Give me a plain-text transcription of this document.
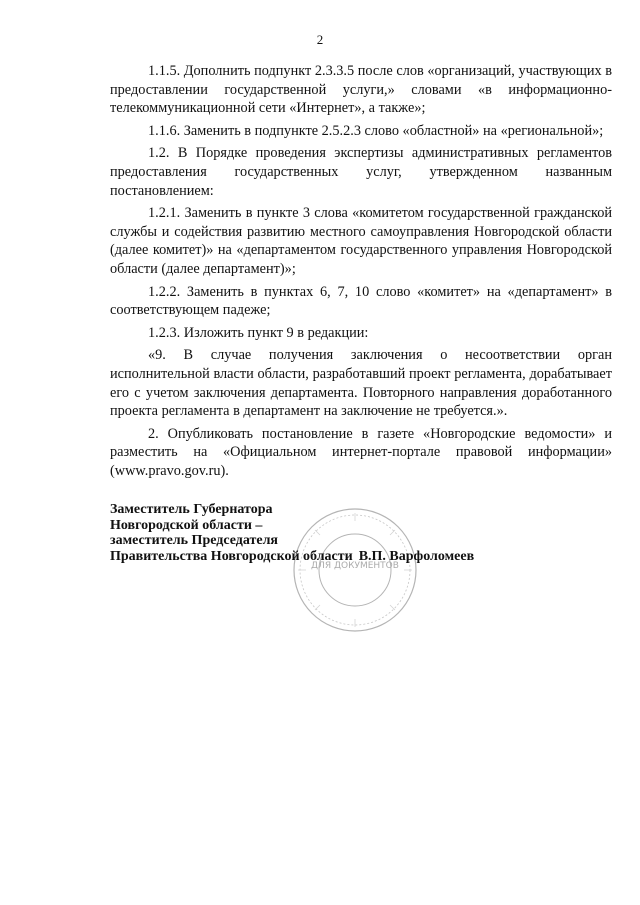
2

1.1.5. Дополнить подпункт 2.3.3.5 после слов «организаций, участвующих в предоставлении государственной услуги,» словами «в информационно-телекоммуникационной сети «Интернет», а также»;

1.1.6. Заменить в подпункте 2.5.2.3 слово «областной» на «региональной»;

1.2. В Порядке проведения экспертизы административных регламентов предоставления государственных услуг, утвержденном названным постановлением:

1.2.1. Заменить в пункте 3 слова «комитетом государственной гражданской службы и содействия развитию местного самоуправления Новгородской области (далее комитет)» на «департаментом государственного управления Новгородской области (далее департамент)»;

1.2.2. Заменить в пунктах 6, 7, 10 слово «комитет» на «департамент» в соответствующем падеже;

1.2.3. Изложить пункт 9 в редакции:

«9. В случае получения заключения о несоответствии орган исполнительной власти области, разработавший проект регламента, дорабатывает его с учетом заключения департамента. Повторного направления доработанного проекта регламента в департамент на заключение не требуется.».

2. Опубликовать постановление в газете «Новгородские ведомости» и разместить на «Официальном интернет-портале правовой информации» (www.pravo.gov.ru).

ДЛЯ ДОКУМЕНТОВ
Заместитель Губернатора
Новгородской области –
заместитель Председателя
Правительства Новгородской области В.П. Варфоломеев
